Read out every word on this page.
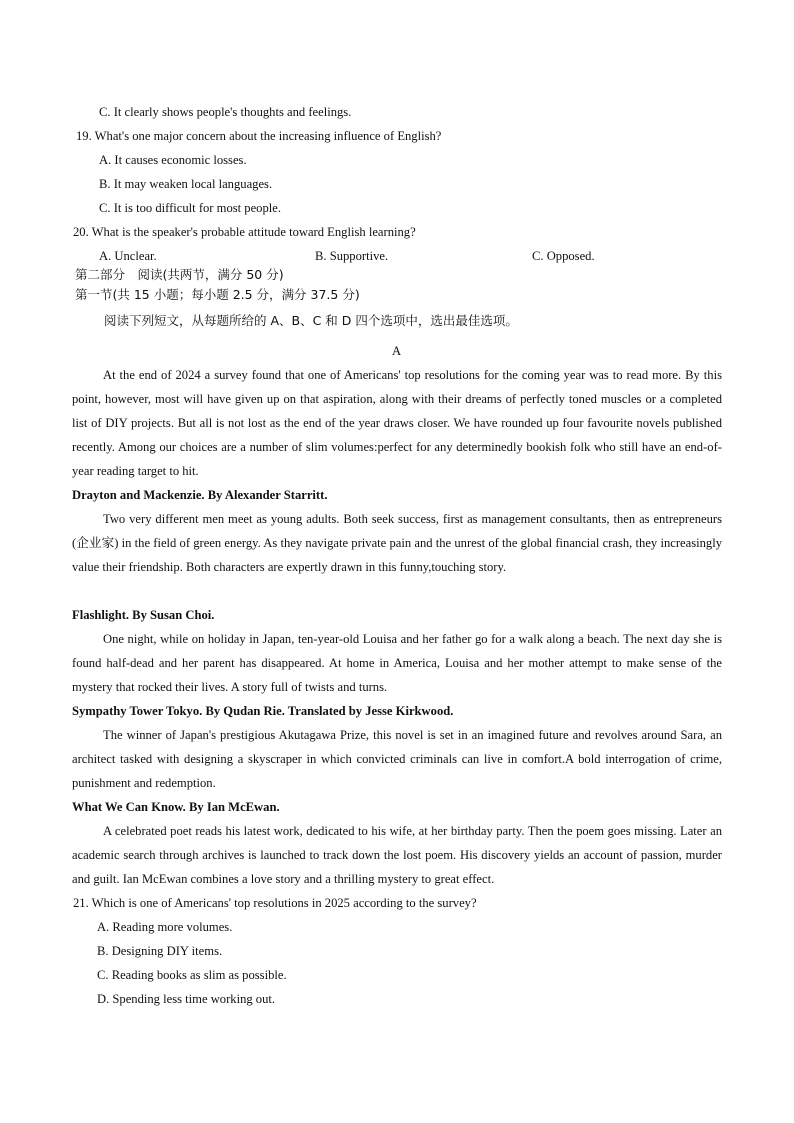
C. It clearly shows people's thoughts and feelings.
19. What's one major concern about the increasing influence of English?
A. It causes economic losses.
B. It may weaken local languages.
C. It is too difficult for most people.
20. What is the speaker's probable attitude toward English learning?
A. Unclear.	B. Supportive.	C. Opposed.
第二部分　阅读(共两节，满分 50 分)
第一节(共 15 小题；每小题 2.5 分，满分 37.5 分)
阅读下列短文，从每题所给的 A、B、C 和 D 四个选项中，选出最佳选项。
A
At the end of 2024 a survey found that one of Americans' top resolutions for the coming year was to read more. By this point, however, most will have given up on that aspiration, along with their dreams of perfectly toned muscles or a completed list of DIY projects. But all is not lost as the end of the year draws closer. We have rounded up four favourite novels published recently. Among our choices are a number of slim volumes:perfect for any determinedly bookish folk who still have an end-of-year reading target to hit.
Drayton and Mackenzie. By Alexander Starritt.
Two very different men meet as young adults. Both seek success, first as management consultants, then as entrepreneurs (企业家) in the field of green energy. As they navigate private pain and the unrest of the global financial crash, they increasingly value their friendship. Both characters are expertly drawn in this funny,touching story.
Flashlight. By Susan Choi.
One night, while on holiday in Japan, ten-year-old Louisa and her father go for a walk along a beach. The next day she is found half-dead and her parent has disappeared. At home in America, Louisa and her mother attempt to make sense of the mystery that rocked their lives. A story full of twists and turns.
Sympathy Tower Tokyo. By Qudan Rie. Translated by Jesse Kirkwood.
The winner of Japan's prestigious Akutagawa Prize, this novel is set in an imagined future and revolves around Sara, an architect tasked with designing a skyscraper in which convicted criminals can live in comfort.A bold interrogation of crime, punishment and redemption.
What We Can Know. By Ian McEwan.
A celebrated poet reads his latest work, dedicated to his wife, at her birthday party. Then the poem goes missing. Later an academic search through archives is launched to track down the lost poem. His discovery yields an account of passion, murder and guilt. Ian McEwan combines a love story and a thrilling mystery to great effect.
21. Which is one of Americans' top resolutions in 2025 according to the survey?
A. Reading more volumes.
B. Designing DIY items.
C. Reading books as slim as possible.
D. Spending less time working out.
